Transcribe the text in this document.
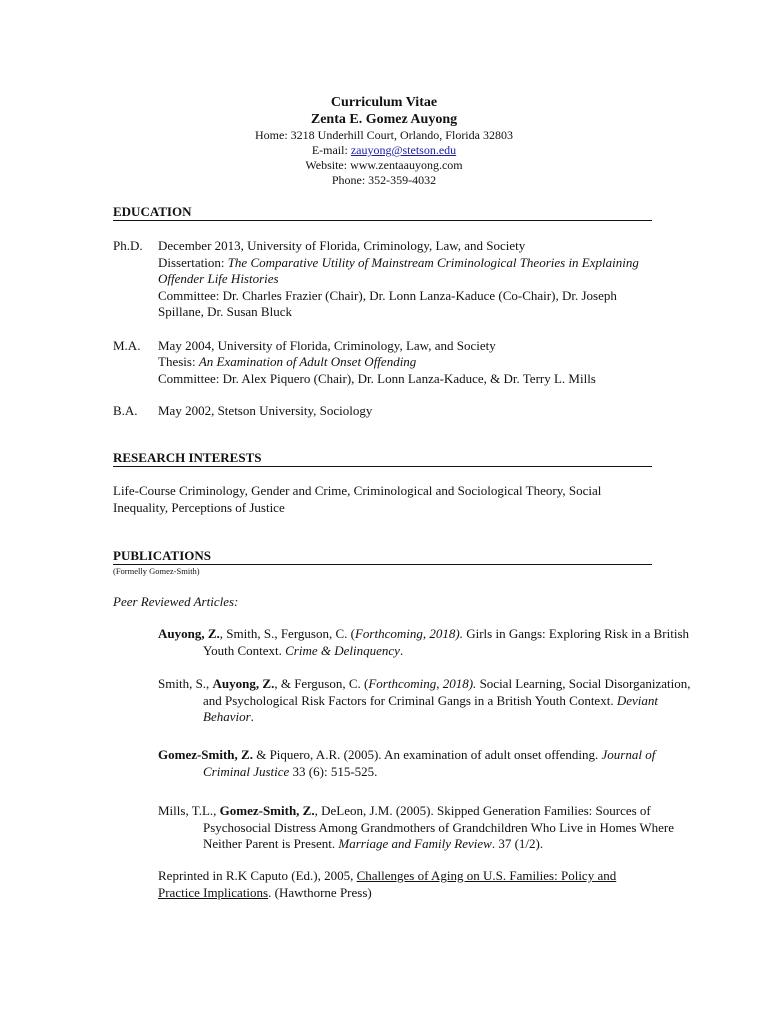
Curriculum Vitae
Zenta E. Gomez Auyong
Home: 3218 Underhill Court, Orlando, Florida 32803
E-mail: zauyong@stetson.edu
Website: www.zentaauyong.com
Phone: 352-359-4032
EDUCATION
Ph.D. December 2013, University of Florida, Criminology, Law, and Society
Dissertation: The Comparative Utility of Mainstream Criminological Theories in Explaining Offender Life Histories
Committee: Dr. Charles Frazier (Chair), Dr. Lonn Lanza-Kaduce (Co-Chair), Dr. Joseph Spillane, Dr. Susan Bluck
M.A. May 2004, University of Florida, Criminology, Law, and Society
Thesis: An Examination of Adult Onset Offending
Committee: Dr. Alex Piquero (Chair), Dr. Lonn Lanza-Kaduce, & Dr. Terry L. Mills
B.A. May 2002, Stetson University, Sociology
RESEARCH INTERESTS
Life-Course Criminology, Gender and Crime, Criminological and Sociological Theory, Social Inequality, Perceptions of Justice
PUBLICATIONS
(Formelly Gomez-Smith)
Peer Reviewed Articles:
Auyong, Z., Smith, S., Ferguson, C. (Forthcoming, 2018). Girls in Gangs: Exploring Risk in a British Youth Context. Crime & Delinquency.
Smith, S., Auyong, Z., & Ferguson, C. (Forthcoming, 2018). Social Learning, Social Disorganization, and Psychological Risk Factors for Criminal Gangs in a British Youth Context. Deviant Behavior.
Gomez-Smith, Z. & Piquero, A.R. (2005). An examination of adult onset offending. Journal of Criminal Justice 33 (6): 515-525.
Mills, T.L., Gomez-Smith, Z., DeLeon, J.M. (2005). Skipped Generation Families: Sources of Psychosocial Distress Among Grandmothers of Grandchildren Who Live in Homes Where Neither Parent is Present. Marriage and Family Review. 37 (1/2).
Reprinted in R.K Caputo (Ed.), 2005, Challenges of Aging on U.S. Families: Policy and Practice Implications. (Hawthorne Press)
